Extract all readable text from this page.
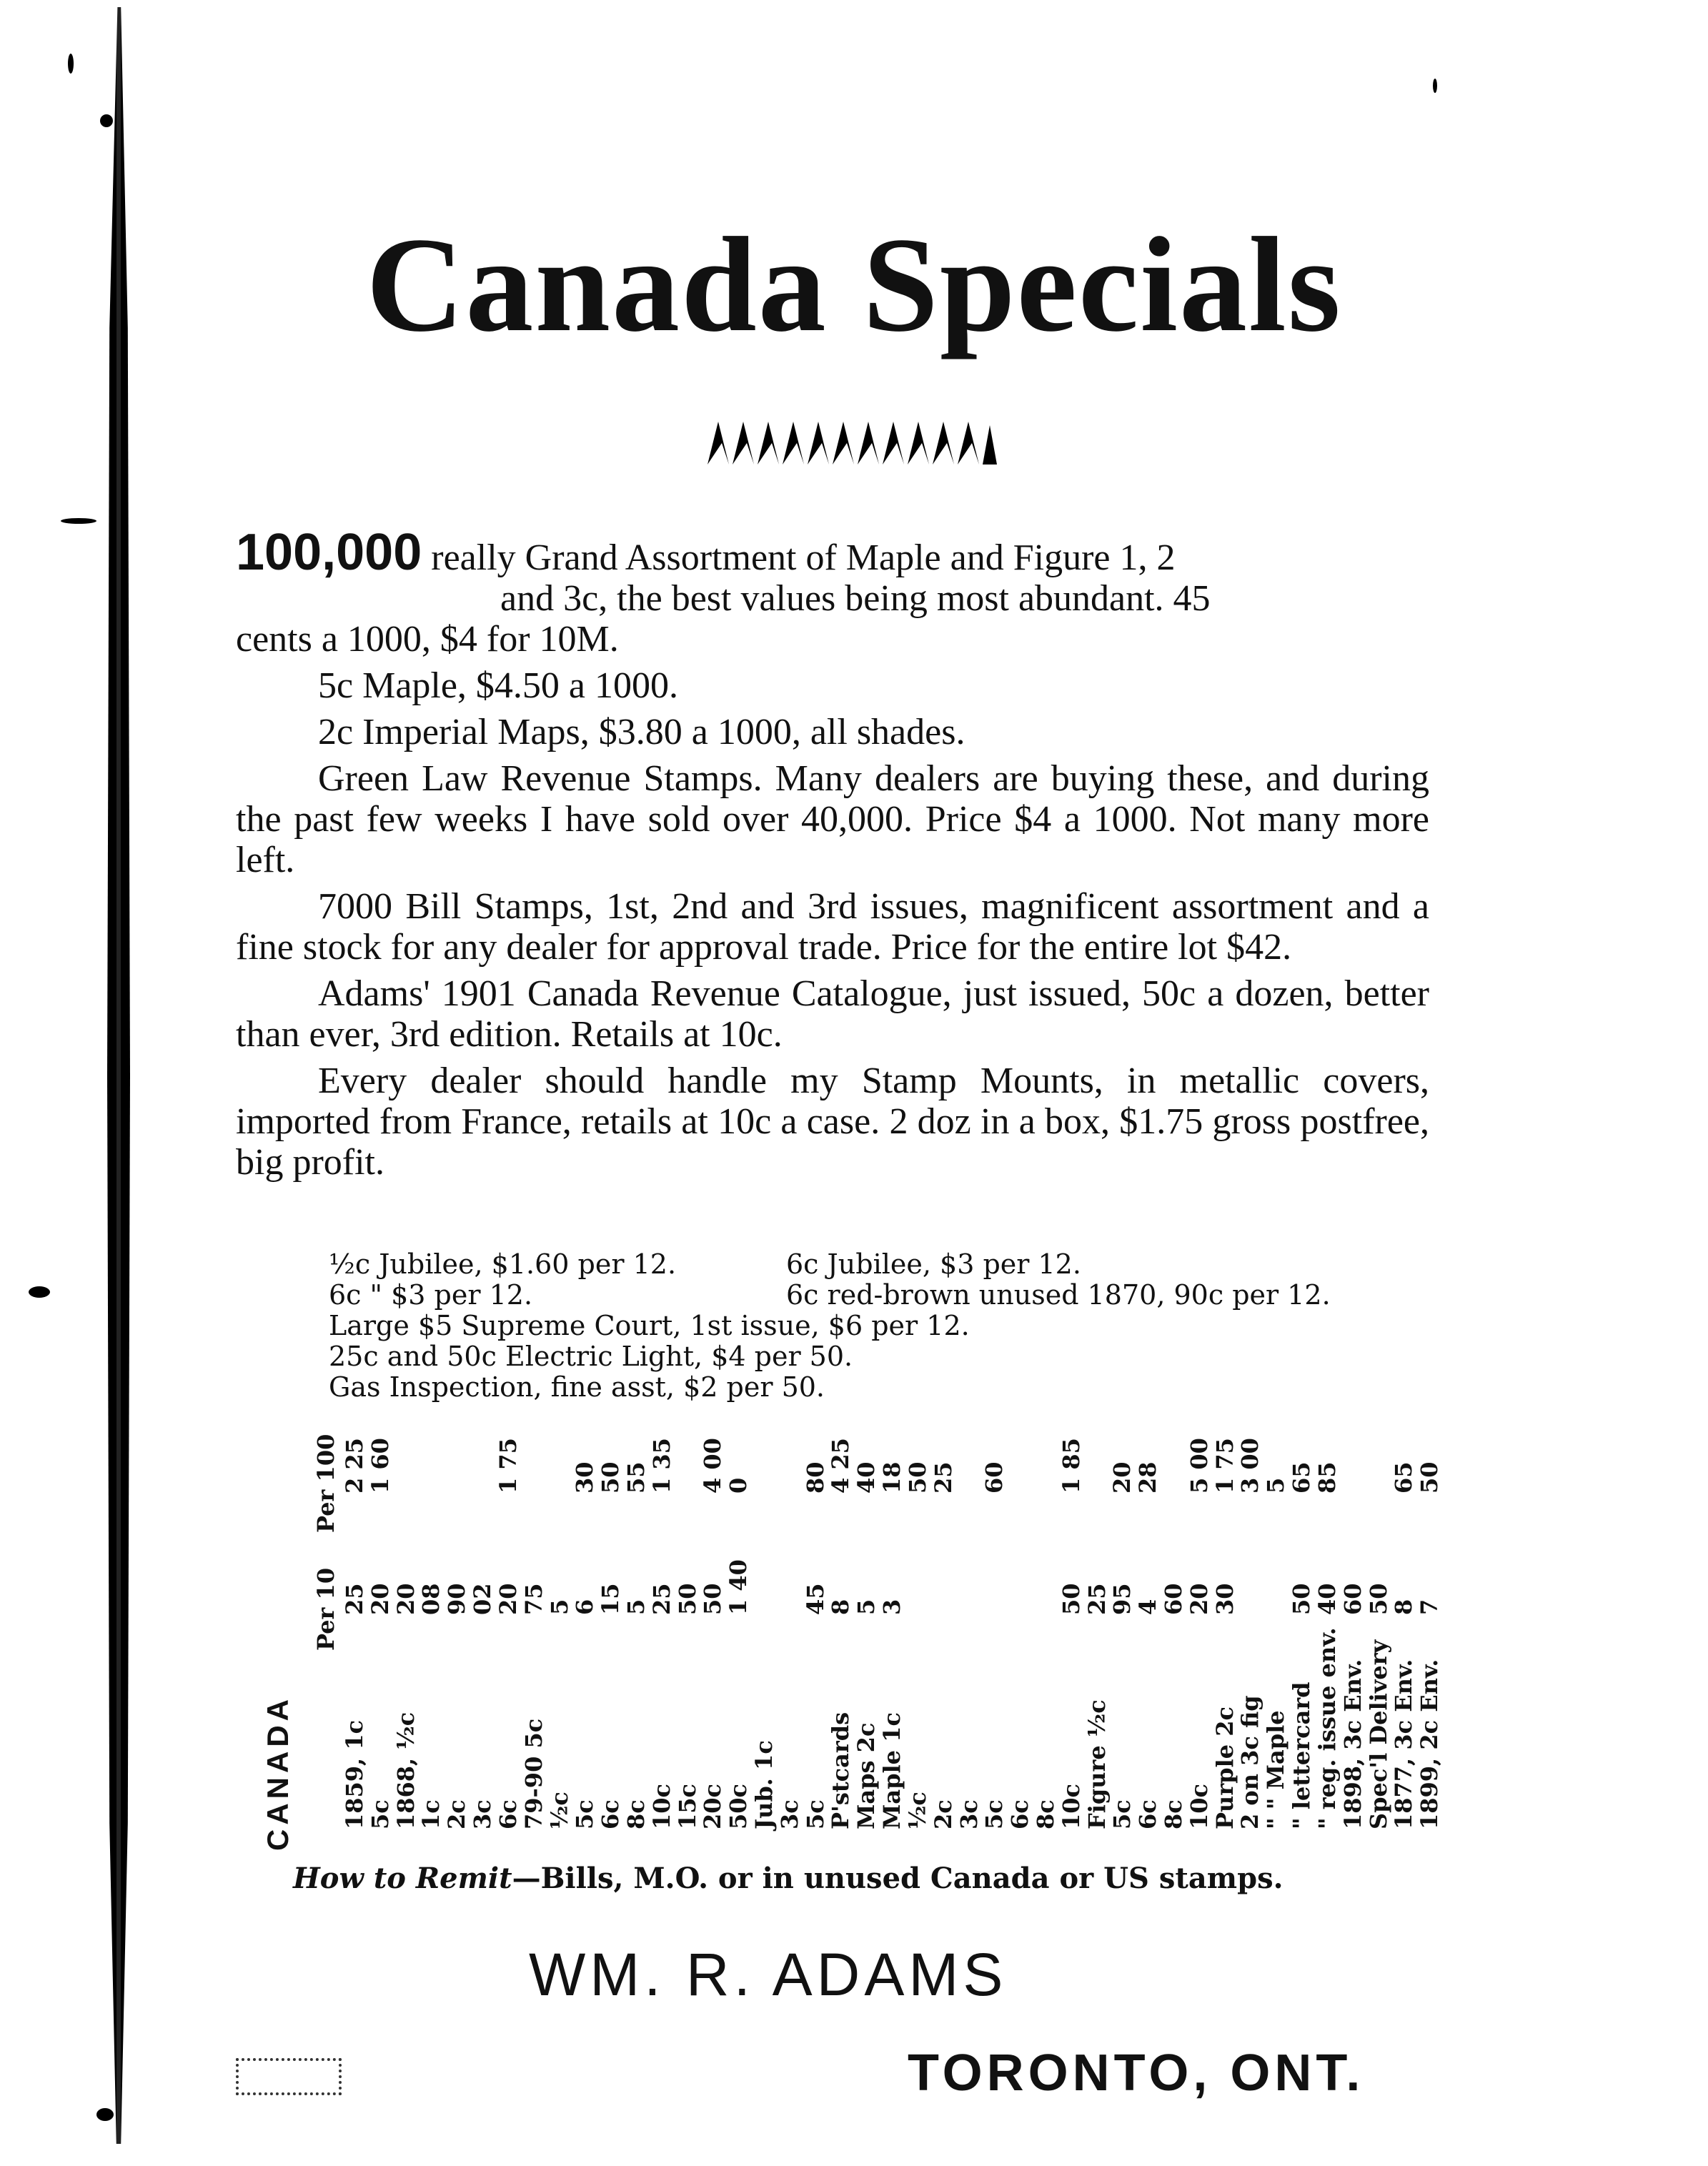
Canada Specials

100,000 really Grand Assortment of Maple and Figure 1, 2

and 3c, the best values being most abundant. 45

cents a 1000, $4 for 10M.

5c Maple, $4.50 a 1000.

2c Imperial Maps, $3.80 a 1000, all shades.

Green Law Revenue Stamps. Many dealers are buying these, and during the past few weeks I have sold over 40,000. Price $4 a 1000. Not many more left.

7000 Bill Stamps, 1st, 2nd and 3rd issues, magnificent assortment and a fine stock for any dealer for approval trade. Price for the entire lot $42.

Adams' 1901 Canada Revenue Catalogue, just issued, 50c a dozen, better than ever, 3rd edition. Retails at 10c.

Every dealer should handle my Stamp Mounts, in metallic covers, imported from France, retails at 10c a case. 2 doz in a box, $1.75 gross postfree, big profit.

½c Jubilee, $1.60 per 12.	6c Jubilee, $3 per 12.
6c " $3 per 12.	6c red-brown unused 1870, 90c per 12.
Large $5 Supreme Court, 1st issue, $6 per 12.
25c and 50c Electric Light, $4 per 50.
Gas Inspection, fine asst, $2 per 50.
Per 100
Per 10
2 25
25
1859, 1c
1 60
20
5c
20
1868, ½c
08
1c
90
2c
02
3c
1 75
20
6c
75
79-90 5c
5
½c
30
6
5c
50
15
6c
55
5
8c
1 35
25
10c
50
15c
4 00
50
20c
0
1 40
50c
Jub. 1c
3c
80
45
5c
4 25
8
P'stcards
40
5
Maps 2c
18
3
Maple 1c
50
½c
25
2c
3c
60
5c
6c
8c
1 85
50
10c
25
Figure ½c
20
95
5c
28
4
6c
60
8c
5 00
20
10c
1 75
30
Purple 2c
3 00
2 on 3c fig
5
" " Maple
65
50
" lettercard
85
40
" reg. issue env.
60
1898, 3c Env.
50
Spec'l Delivery
65
8
1877, 3c Env.
50
7
1899, 2c Env.
CANADA
How to Remit—Bills, M.O. or in unused Canada or US stamps.
WM. R. ADAMS
TORONTO, ONT.
